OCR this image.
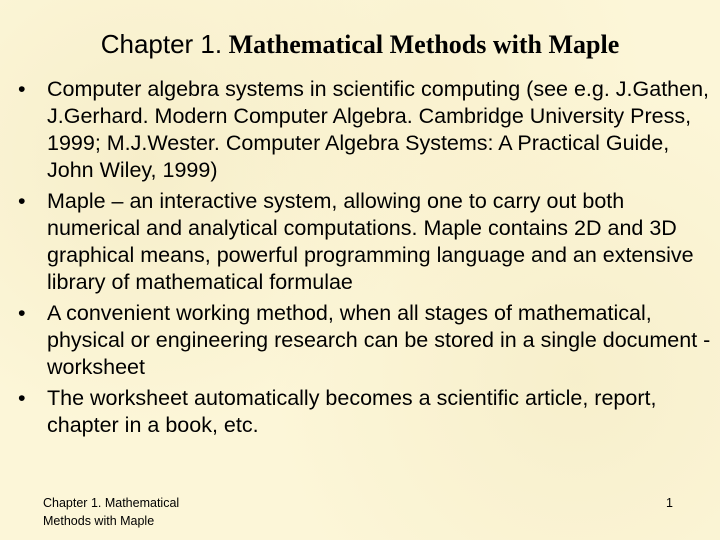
Chapter 1. Mathematical Methods with Maple
• Computer algebra systems in scientific computing (see e.g. J.Gathen, J.Gerhard. Modern Computer Algebra. Cambridge University Press, 1999; M.J.Wester. Computer Algebra Systems: A Practical Guide, John Wiley, 1999)
• Maple – an interactive system, allowing one to carry out both numerical and analytical computations. Maple contains 2D and 3D graphical means, powerful programming language and an extensive library of mathematical formulae
• A convenient working method, when all stages of mathematical, physical or engineering research can be stored in a single document - worksheet
• The worksheet automatically becomes a scientific article, report, chapter in a book, etc.
Chapter 1. Mathematical Methods with Maple
1
